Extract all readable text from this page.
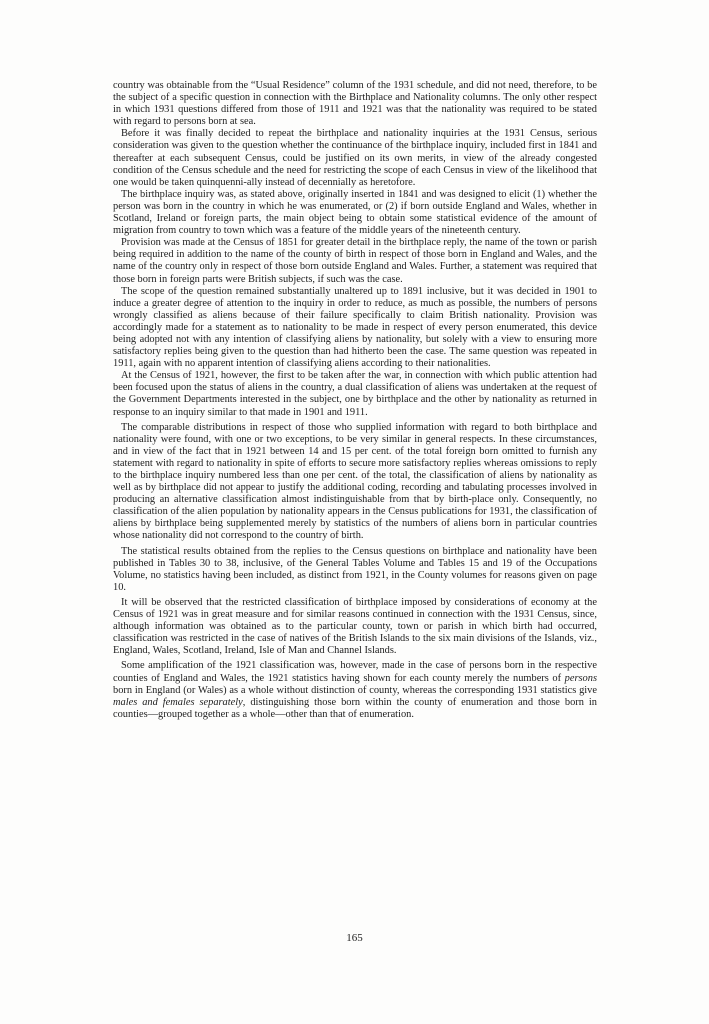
country was obtainable from the “Usual Residence” column of the 1931 schedule, and did not need, therefore, to be the subject of a specific question in connection with the Birthplace and Nationality columns. The only other respect in which 1931 questions differed from those of 1911 and 1921 was that the nationality was required to be stated with regard to persons born at sea.

Before it was finally decided to repeat the birthplace and nationality inquiries at the 1931 Census, serious consideration was given to the question whether the continuance of the birthplace inquiry, included first in 1841 and thereafter at each subsequent Census, could be justified on its own merits, in view of the already congested condition of the Census schedule and the need for restricting the scope of each Census in view of the likelihood that one would be taken quinquenni-ally instead of decennially as heretofore.

The birthplace inquiry was, as stated above, originally inserted in 1841 and was designed to elicit (1) whether the person was born in the country in which he was enumerated, or (2) if born outside England and Wales, whether in Scotland, Ireland or foreign parts, the main object being to obtain some statistical evidence of the amount of migration from country to town which was a feature of the middle years of the nineteenth century.

Provision was made at the Census of 1851 for greater detail in the birthplace reply, the name of the town or parish being required in addition to the name of the county of birth in respect of those born in England and Wales, and the name of the country only in respect of those born outside England and Wales. Further, a statement was required that those born in foreign parts were British subjects, if such was the case.

The scope of the question remained substantially unaltered up to 1891 inclusive, but it was decided in 1901 to induce a greater degree of attention to the inquiry in order to reduce, as much as possible, the numbers of persons wrongly classified as aliens because of their failure specifically to claim British nationality. Provision was accordingly made for a statement as to nationality to be made in respect of every person enumerated, this device being adopted not with any intention of classifying aliens by nationality, but solely with a view to ensuring more satisfactory replies being given to the question than had hitherto been the case. The same question was repeated in 1911, again with no apparent intention of classifying aliens according to their nationalities.

At the Census of 1921, however, the first to be taken after the war, in connection with which public attention had been focused upon the status of aliens in the country, a dual classification of aliens was undertaken at the request of the Government Departments interested in the subject, one by birthplace and the other by nationality as returned in response to an inquiry similar to that made in 1901 and 1911.

The comparable distributions in respect of those who supplied information with regard to both birthplace and nationality were found, with one or two exceptions, to be very similar in general respects. In these circumstances, and in view of the fact that in 1921 between 14 and 15 per cent. of the total foreign born omitted to furnish any statement with regard to nationality in spite of efforts to secure more satisfactory replies whereas omissions to reply to the birthplace inquiry numbered less than one per cent. of the total, the classification of aliens by nationality as well as by birthplace did not appear to justify the additional coding, recording and tabulating processes involved in producing an alternative classification almost indistinguishable from that by birth-place only. Consequently, no classification of the alien population by nationality appears in the Census publications for 1931, the classification of aliens by birthplace being supplemented merely by statistics of the numbers of aliens born in particular countries whose nationality did not correspond to the country of birth.

The statistical results obtained from the replies to the Census questions on birthplace and nationality have been published in Tables 30 to 38, inclusive, of the General Tables Volume and Tables 15 and 19 of the Occupations Volume, no statistics having been included, as distinct from 1921, in the County volumes for reasons given on page 10.

It will be observed that the restricted classification of birthplace imposed by considerations of economy at the Census of 1921 was in great measure and for similar reasons continued in connection with the 1931 Census, since, although information was obtained as to the particular county, town or parish in which birth had occurred, classification was restricted in the case of natives of the British Islands to the six main divisions of the Islands, viz., England, Wales, Scotland, Ireland, Isle of Man and Channel Islands.

Some amplification of the 1921 classification was, however, made in the case of persons born in the respective counties of England and Wales, the 1921 statistics having shown for each county merely the numbers of persons born in England (or Wales) as a whole without distinction of county, whereas the corresponding 1931 statistics give males and females separately, distinguishing those born within the county of enumeration and those born in counties—grouped together as a whole—other than that of enumeration.

165
